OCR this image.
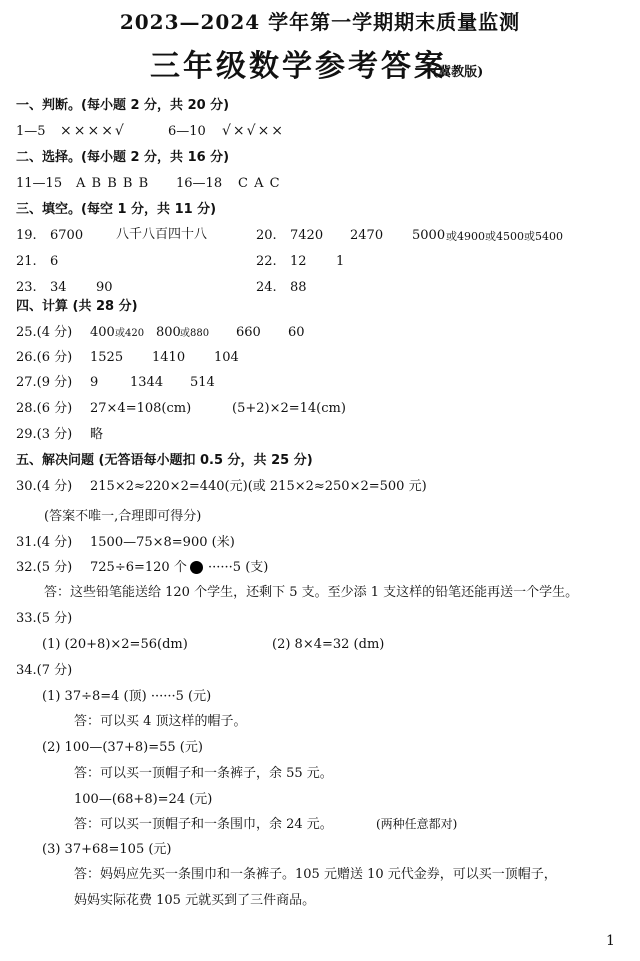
2023—2024 学年第一学期期末质量监测
三年级数学参考答案
(冀教版)
一、判断。(每小题 2 分，共 20 分)
1—5 ××××√	6—10 √×√××
二、选择。(每小题 2 分，共 16 分)
11—15 A B B B B 16—18 C A C
三、填空。(每空 1 分，共 11 分)
19. 6700	八千八百四十八	20. 7420 2470 5000 或4900或4500或5400
21. 6	22. 12 1
23. 34 90	24. 88
四、计算 (共 28 分)
25.(4 分) 400 或420 800 或880 660 60
26.(6 分) 1525 1410 104
27.(9 分) 9 1344 514
28.(6 分) 27×4=108(cm)	(5+2)×2=14(cm)
29.(3 分) 略
五、解决问题 (无答语每小题扣 0.5 分，共 25 分)
30.(4 分) 215×2≈220×2=440(元)(或 215×2≈250×2=500 元)
(答案不唯一,合理即可得分)
31.(4 分) 1500—75×8=900 (米)
32.(5 分) 725÷6=120 个 ······5 (支)
答：这些铅笔能送给 120 个学生，还剩下 5 支。至少添 1 支这样的铅笔还能再送一个学生。
33.(5 分)
(1) (20+8)×2=56(dm)	(2) 8×4=32 (dm)
34.(7 分)
(1) 37÷8=4 (顶) ······5 (元)
答：可以买 4 顶这样的帽子。
(2) 100—(37+8)=55 (元)
答：可以买一顶帽子和一条裤子，余 55 元。
100—(68+8)=24 (元)
答：可以买一顶帽子和一条围巾，余 24 元。	(两种任意都对)
(3) 37+68=105 (元)
答：妈妈应先买一条围巾和一条裤子。105 元赠送 10 元代金券，可以买一顶帽子，
妈妈实际花费 105 元就买到了三件商品。
1
